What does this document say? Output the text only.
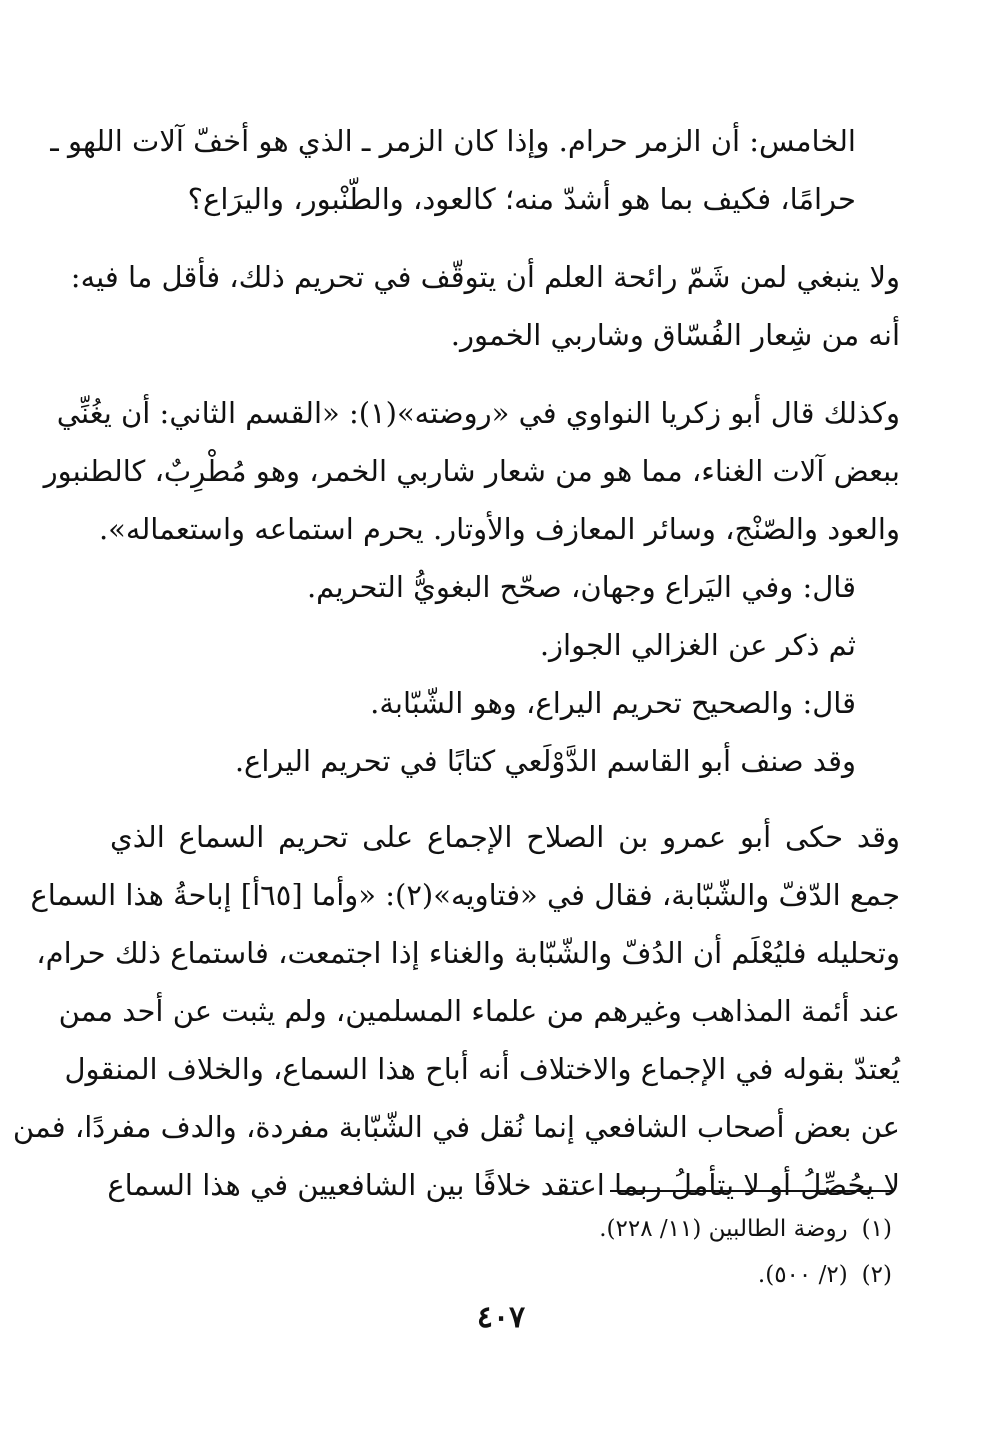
الخامس: أن الزمر حرام. وإذا كان الزمر ـ الذي هو أخفّ آلات اللهو ـ
حرامًا، فكيف بما هو أشدّ منه؛ كالعود، والطّنْبور، واليرَاع؟

ولا ينبغي لمن شَمّ رائحة العلم أن يتوقّف في تحريم ذلك، فأقل ما فيه:
أنه من شِعار الفُسّاق وشاربي الخمور.

وكذلك قال أبو زكريا النواوي في «روضته»(١): «القسم الثاني: أن يغُنِّي
ببعض آلات الغناء، مما هو من شعار شاربي الخمر، وهو مُطْرِبٌ، كالطنبور
والعود والصّنْج، وسائر المعازف والأوتار. يحرم استماعه واستعماله».

قال: وفي اليَراع وجهان، صحّح البغويُّ التحريم.

ثم ذكر عن الغزالي الجواز.

قال: والصحيح تحريم اليراع، وهو الشّبّابة.

وقد صنف أبو القاسم الدَّوْلَعي كتابًا في تحريم اليراع.

وقد حكى أبو عمرو بن الصلاح الإجماع على تحريم السماع الذي
جمع الدّفّ والشّبّابة، فقال في «فتاويه»(٢): «وأما [٦٥أ] إباحةُ هذا السماع
وتحليله فليُعْلَم أن الدُفّ والشّبّابة والغناء إذا اجتمعت، فاستماع ذلك حرام،
عند أئمة المذاهب وغيرهم من علماء المسلمين، ولم يثبت عن أحد ممن
يُعتدّ بقوله في الإجماع والاختلاف أنه أباح هذا السماع، والخلاف المنقول
عن بعض أصحاب الشافعي إنما نُقل في الشّبّابة مفردة، والدف مفردًا، فمن
لا يحُصِّلُ أو لا يتأملُ ربما اعتقد خلافًا بين الشافعيين في هذا السماع

(١)روضة الطالبين (١١/ ٢٢٨).
(٢)(٢/ ٥٠٠).
٤٠٧
